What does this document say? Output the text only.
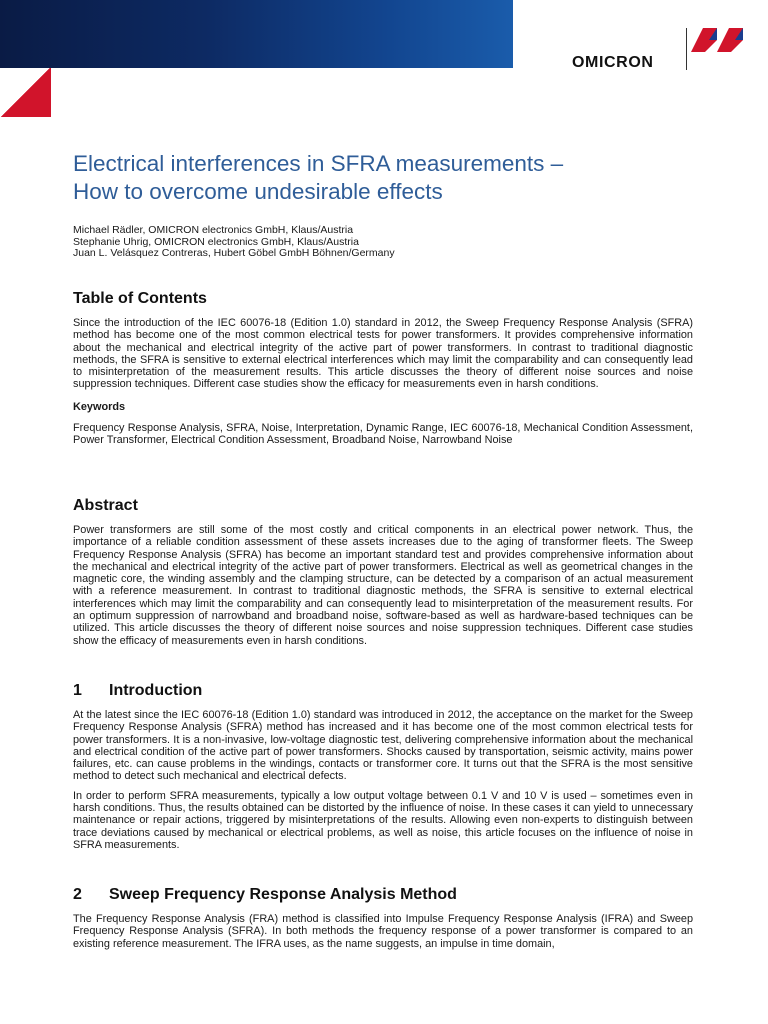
OMICRON
Electrical interferences in SFRA measurements –
How to overcome undesirable effects
Michael Rädler, OMICRON electronics GmbH, Klaus/Austria
Stephanie Uhrig, OMICRON electronics GmbH, Klaus/Austria
Juan L. Velásquez Contreras, Hubert Göbel GmbH Böhnen/Germany
Table of Contents

Since the introduction of the IEC 60076-18 (Edition 1.0) standard in 2012, the Sweep Frequency Response Analysis (SFRA) method has become one of the most common electrical tests for power transformers. It provides comprehensive information about the mechanical and electrical integrity of the active part of power transformers. In contrast to traditional diagnostic methods, the SFRA is sensitive to external electrical interferences which may limit the comparability and can consequently lead to misinterpretation of the measurement results. This article discusses the theory of different noise sources and noise suppression techniques. Different case studies show the efficacy for measurements even in harsh conditions.

Keywords

Frequency Response Analysis, SFRA, Noise, Interpretation, Dynamic Range, IEC 60076-18, Mechanical Condition Assessment, Power Transformer, Electrical Condition Assessment, Broadband Noise, Narrowband Noise

Abstract

Power transformers are still some of the most costly and critical components in an electrical power network. Thus, the importance of a reliable condition assessment of these assets increases due to the aging of transformer fleets. The Sweep Frequency Response Analysis (SFRA) has become an important standard test and provides comprehensive information about the mechanical and electrical integrity of the active part of power transformers. Electrical as well as geometrical changes in the magnetic core, the winding assembly and the clamping structure, can be detected by a comparison of an actual measurement with a reference measurement. In contrast to traditional diagnostic methods, the SFRA is sensitive to external electrical interferences which may limit the comparability and can consequently lead to misinterpretation of the measurement results. For an optimum suppression of narrowband and broadband noise, software-based as well as hardware-based techniques can be utilized. This article discusses the theory of different noise sources and noise suppression techniques. Different case studies show the efficacy of measurements even in harsh conditions.

1 Introduction

At the latest since the IEC 60076-18 (Edition 1.0) standard was introduced in 2012, the acceptance on the market for the Sweep Frequency Response Analysis (SFRA) method has increased and it has become one of the most common electrical tests for power transformers. It is a non-invasive, low-voltage diagnostic test, delivering comprehensive information about the mechanical and electrical condition of the active part of power transformers. Shocks caused by transportation, seismic activity, mains power failures, etc. can cause problems in the windings, contacts or transformer core. It turns out that the SFRA is the most sensitive method to detect such mechanical and electrical defects.

In order to perform SFRA measurements, typically a low output voltage between 0.1 V and 10 V is used – sometimes even in harsh conditions. Thus, the results obtained can be distorted by the influence of noise. In these cases it can yield to unnecessary maintenance or repair actions, triggered by misinterpretations of the results. Allowing even non-experts to distinguish between trace deviations caused by mechanical or electrical problems, as well as noise, this article focuses on the influence of noise in SFRA measurements.

2 Sweep Frequency Response Analysis Method

The Frequency Response Analysis (FRA) method is classified into Impulse Frequency Response Analysis (IFRA) and Sweep Frequency Response Analysis (SFRA). In both methods the frequency response of a power transformer is compared to an existing reference measurement. The IFRA uses, as the name suggests, an impulse in time domain,
